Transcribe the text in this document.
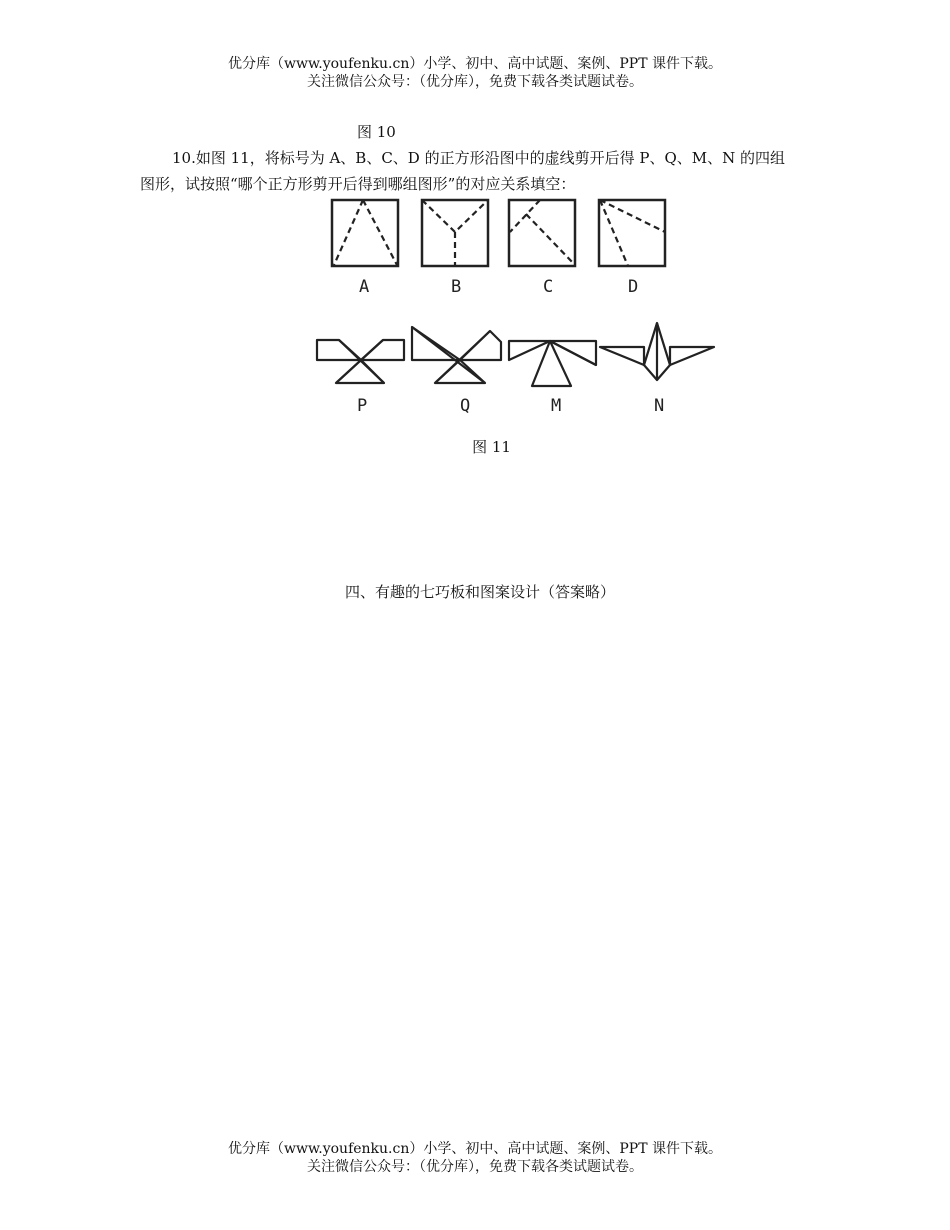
优分库（www.youfenku.cn）小学、初中、高中试题、案例、PPT 课件下载。
关注微信公众号：（优分库），免费下载各类试题试卷。
图 10
10.如图 11，将标号为 A、B、C、D 的正方形沿图中的虚线剪开后得 P、Q、M、N 的四组
图形，试按照“哪个正方形剪开后得到哪组图形”的对应关系填空：
A	B	C	D
P	Q	M	N
图 11
四、有趣的七巧板和图案设计（答案略）
优分库（www.youfenku.cn）小学、初中、高中试题、案例、PPT 课件下载。
关注微信公众号：（优分库），免费下载各类试题试卷。
